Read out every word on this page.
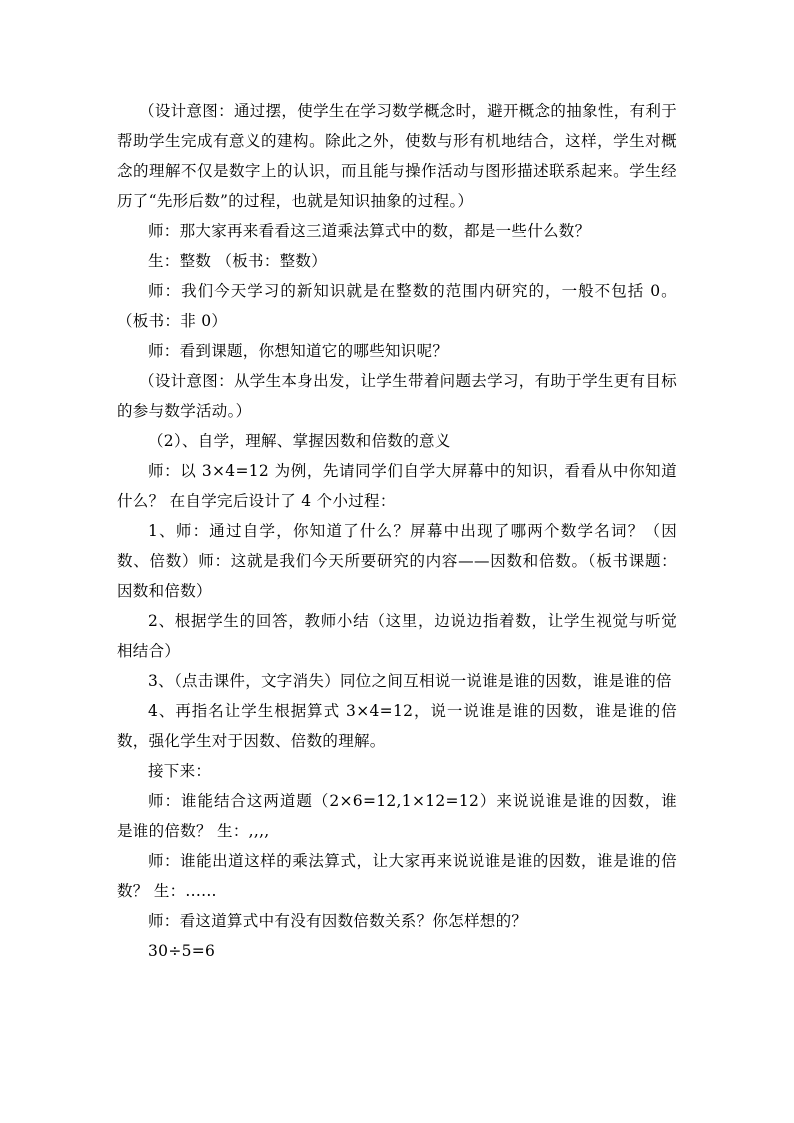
（设计意图：通过摆，使学生在学习数学概念时，避开概念的抽象性，有利于帮助学生完成有意义的建构。除此之外，使数与形有机地结合，这样，学生对概念的理解不仅是数字上的认识，而且能与操作活动与图形描述联系起来。学生经历了“先形后数”的过程，也就是知识抽象的过程。）

师：那大家再来看看这三道乘法算式中的数，都是一些什么数？

生：整数 （板书：整数）

师：我们今天学习的新知识就是在整数的范围内研究的，一般不包括 0。（板书：非 0）

师：看到课题，你想知道它的哪些知识呢？

（设计意图：从学生本身出发，让学生带着问题去学习，有助于学生更有目标的参与数学活动。）

（2）、自学，理解、掌握因数和倍数的意义

师：以 3×4=12 为例，先请同学们自学大屏幕中的知识，看看从中你知道什么？ 在自学完后设计了 4 个小过程：

1、师：通过自学，你知道了什么？屏幕中出现了哪两个数学名词？（因数、倍数）师：这就是我们今天所要研究的内容——因数和倍数。（板书课题：因数和倍数）

2、根据学生的回答，教师小结（这里，边说边指着数，让学生视觉与听觉相结合）

3、（点击课件，文字消失）同位之间互相说一说谁是谁的因数，谁是谁的倍

4、再指名让学生根据算式 3×4=12，说一说谁是谁的因数，谁是谁的倍数，强化学生对于因数、倍数的理解。

接下来：

师：谁能结合这两道题（2×6=12,1×12=12）来说说谁是谁的因数，谁是谁的倍数？ 生：,,,,

师：谁能出道这样的乘法算式，让大家再来说说谁是谁的因数，谁是谁的倍数？ 生：......

师：看这道算式中有没有因数倍数关系？你怎样想的？

30÷5=6
